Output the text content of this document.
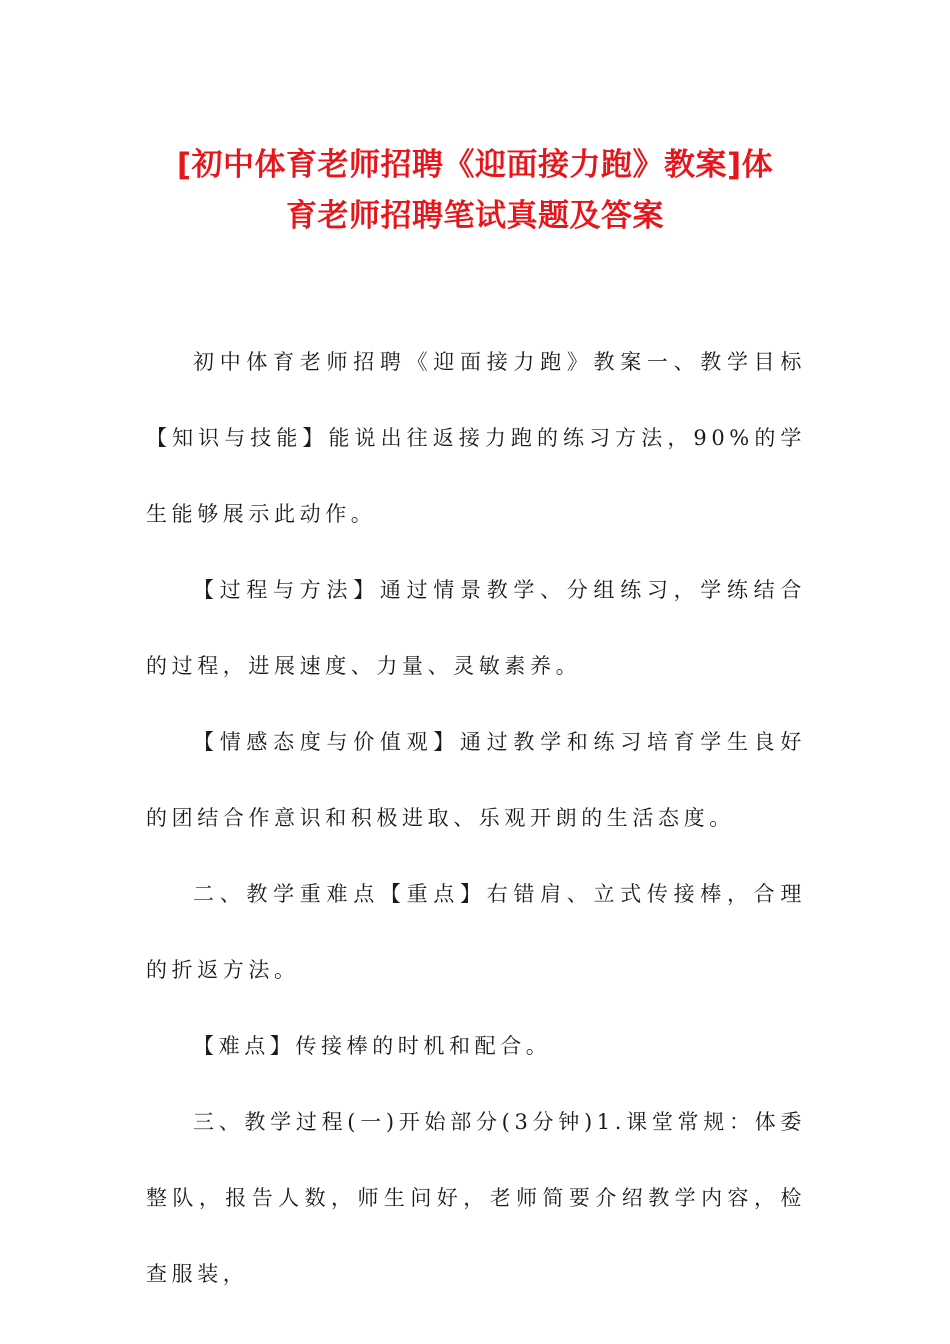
[初中体育老师招聘《迎面接力跑》教案]体
育老师招聘笔试真题及答案

初中体育老师招聘《迎面接力跑》教案一、教学目标【知识与技能】能说出往返接力跑的练习方法，90%的学生能够展示此动作。

【过程与方法】通过情景教学、分组练习，学练结合的过程，进展速度、力量、灵敏素养。

【情感态度与价值观】通过教学和练习培育学生良好的团结合作意识和积极进取、乐观开朗的生活态度。

二、教学重难点【重点】右错肩、立式传接棒，合理的折返方法。

【难点】传接棒的时机和配合。

三、教学过程(一)开始部分(3分钟)1.课堂常规：体委整队，报告人数，师生问好，老师简要介绍教学内容，检查服装，
